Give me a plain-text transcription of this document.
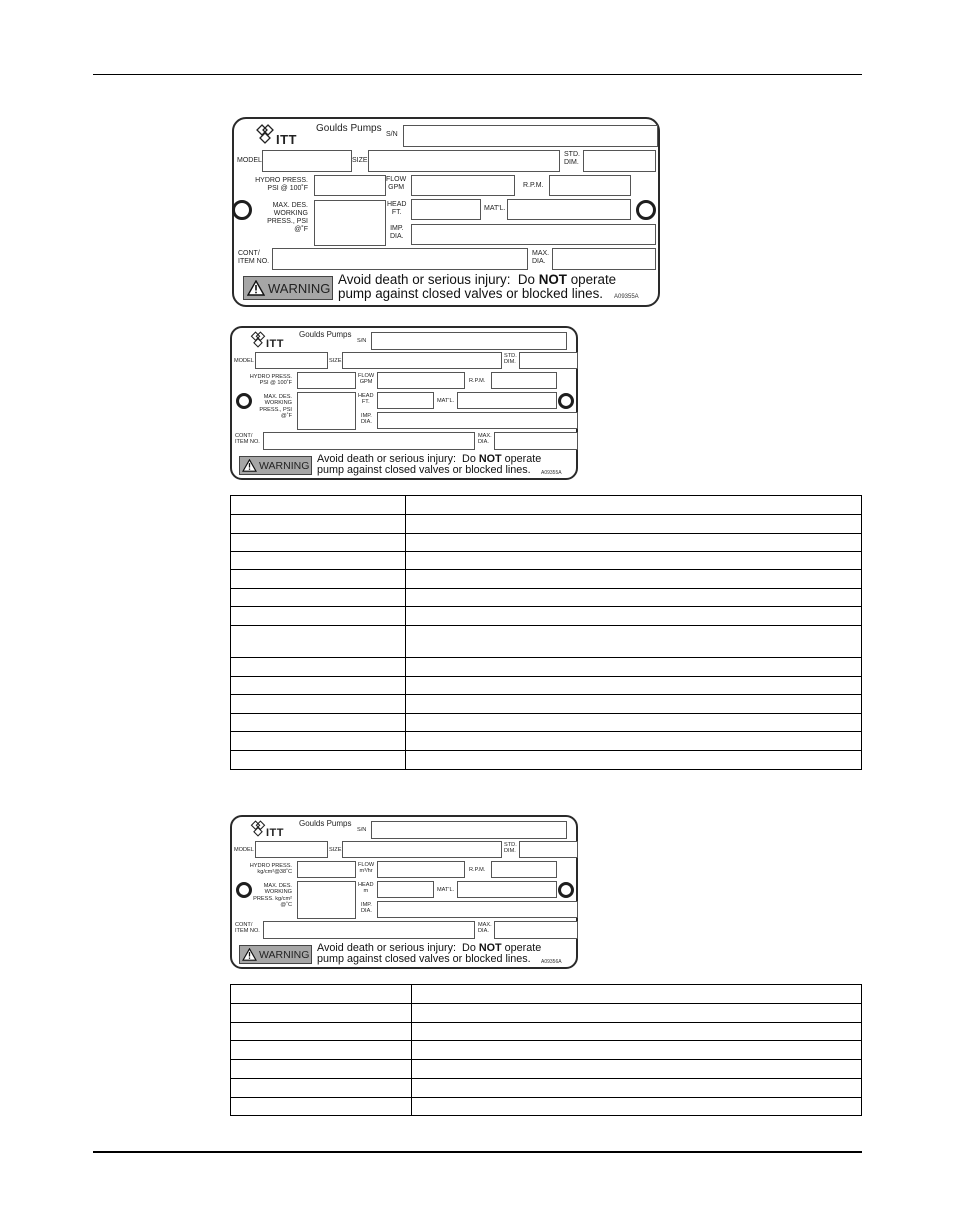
ITT
Goulds Pumps
S/N
MODEL	SIZE
STD.
DIM.
HYDRO PRESS.
PSI @ 100˚F
FLOW
GPM	R.P.M.
MAX. DES.
WORKING
PRESS., PSI
@˚F
HEAD
FT.
MAT'L.
IMP.
DIA.
CONT/
ITEM NO.
MAX.
DIA.
WARNING
Avoid death or serious injury:  Do NOT operate
pump against closed valves or blocked lines.	A09355A
ITT
Goulds Pumps
S/N
MODEL	SIZE
STD.
DIM.
HYDRO PRESS.
PSI @ 100˚F
FLOW
GPM	R.P.M.
MAX. DES.
WORKING
PRESS., PSI
@˚F
HEAD
FT.	MAT'L.
IMP.
DIA.
CONT/
ITEM NO.
MAX.
DIA.
WARNING
Avoid death or serious injury:  Do NOT operate
pump against closed valves or blocked lines.	A09355A

ITT
Goulds Pumps
S/N
MODEL	SIZE
STD.
DIM.
HYDRO PRESS.
kg/cm²@38˚C
FLOW
m³/hr	R.P.M.
MAX. DES.
WORKING
PRESS. kg/cm²
@˚C
HEAD
m	MAT'L.
IMP.
DIA.
CONT/
ITEM NO.
MAX.
DIA.
WARNING
Avoid death or serious injury:  Do NOT operate
pump against closed valves or blocked lines.	A09356A
